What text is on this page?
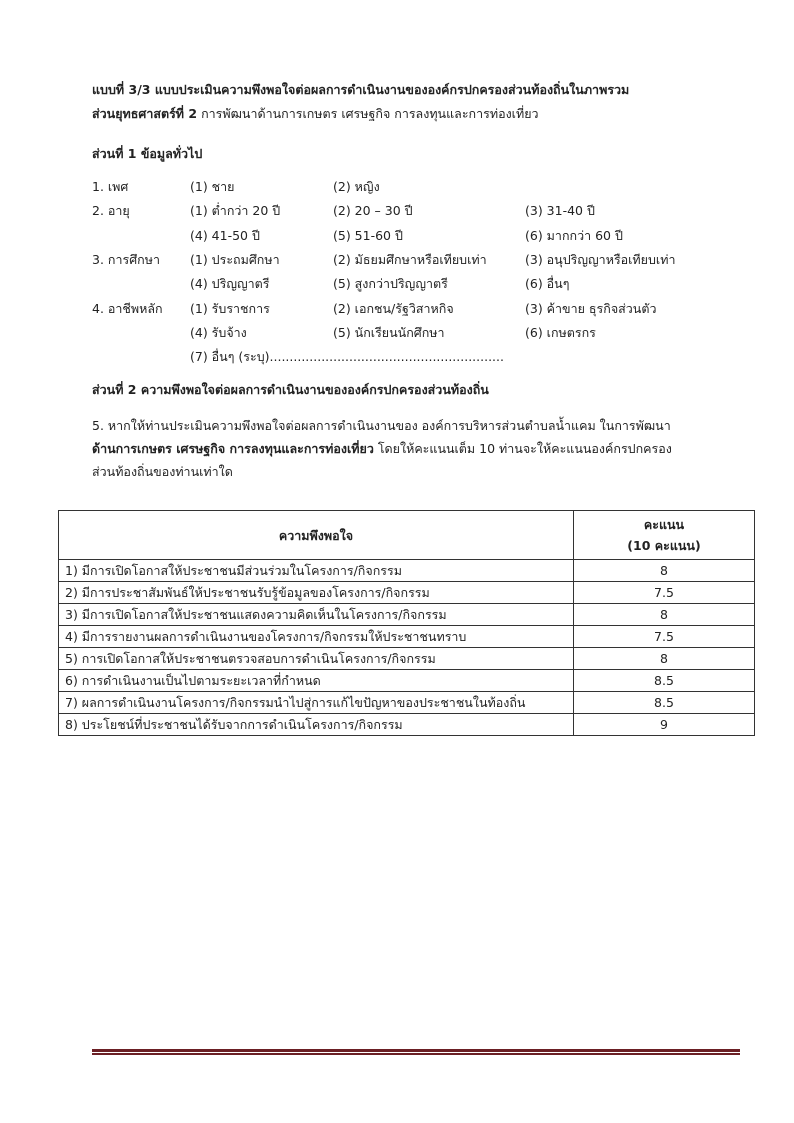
แบบที่ 3/3 แบบประเมินความพึงพอใจต่อผลการดำเนินงานขององค์กรปกครองส่วนท้องถิ่นในภาพรวม
ส่วนยุทธศาสตร์ที่ 2 การพัฒนาด้านการเกษตร เศรษฐกิจ การลงทุนและการท่องเที่ยว
ส่วนที่ 1 ข้อมูลทั่วไป
1. เพศ	(1) ชาย	(2) หญิง
2. อายุ	(1) ต่ำกว่า 20 ปี	(2) 20 – 30 ปี	(3) 31-40 ปี
(4) 41-50 ปี	(5) 51-60 ปี	(6) มากกว่า 60 ปี
3. การศึกษา (1) ประถมศึกษา	(2) มัธยมศึกษาหรือเทียบเท่า	(3) อนุปริญญาหรือเทียบเท่า
(4) ปริญญาตรี	(5) สูงกว่าปริญญาตรี	(6) อื่นๆ
4. อาชีพหลัก (1) รับราชการ	(2) เอกชน/รัฐวิสาหกิจ	(3) ค้าขาย ธุรกิจส่วนตัว
(4) รับจ้าง	(5) นักเรียนนักศึกษา	(6) เกษตรกร
(7) อื่นๆ (ระบุ)...........................................................
ส่วนที่ 2 ความพึงพอใจต่อผลการดำเนินงานขององค์กรปกครองส่วนท้องถิ่น
5. หากให้ท่านประเมินความพึงพอใจต่อผลการดำเนินงานของ องค์การบริหารส่วนตำบลน้ำแคม ในการพัฒนา
ด้านการเกษตร เศรษฐกิจ การลงทุนและการท่องเที่ยว โดยให้คะแนนเต็ม 10 ท่านจะให้คะแนนองค์กรปกครอง
ส่วนท้องถิ่นของท่านเท่าใด
ความพึงพอใจ	คะแนน
(10 คะแนน)

1) มีการเปิดโอกาสให้ประชาชนมีส่วนร่วมในโครงการ/กิจกรรม	8
2) มีการประชาสัมพันธ์ให้ประชาชนรับรู้ข้อมูลของโครงการ/กิจกรรม	7.5
3) มีการเปิดโอกาสให้ประชาชนแสดงความคิดเห็นในโครงการ/กิจกรรม	8
4) มีการรายงานผลการดำเนินงานของโครงการ/กิจกรรมให้ประชาชนทราบ	7.5
5) การเปิดโอกาสให้ประชาชนตรวจสอบการดำเนินโครงการ/กิจกรรม	8
6) การดำเนินงานเป็นไปตามระยะเวลาที่กำหนด	8.5
7) ผลการดำเนินงานโครงการ/กิจกรรมนำไปสู่การแก้ไขปัญหาของประชาชนในท้องถิ่น	8.5
8) ประโยชน์ที่ประชาชนได้รับจากการดำเนินโครงการ/กิจกรรม	9
